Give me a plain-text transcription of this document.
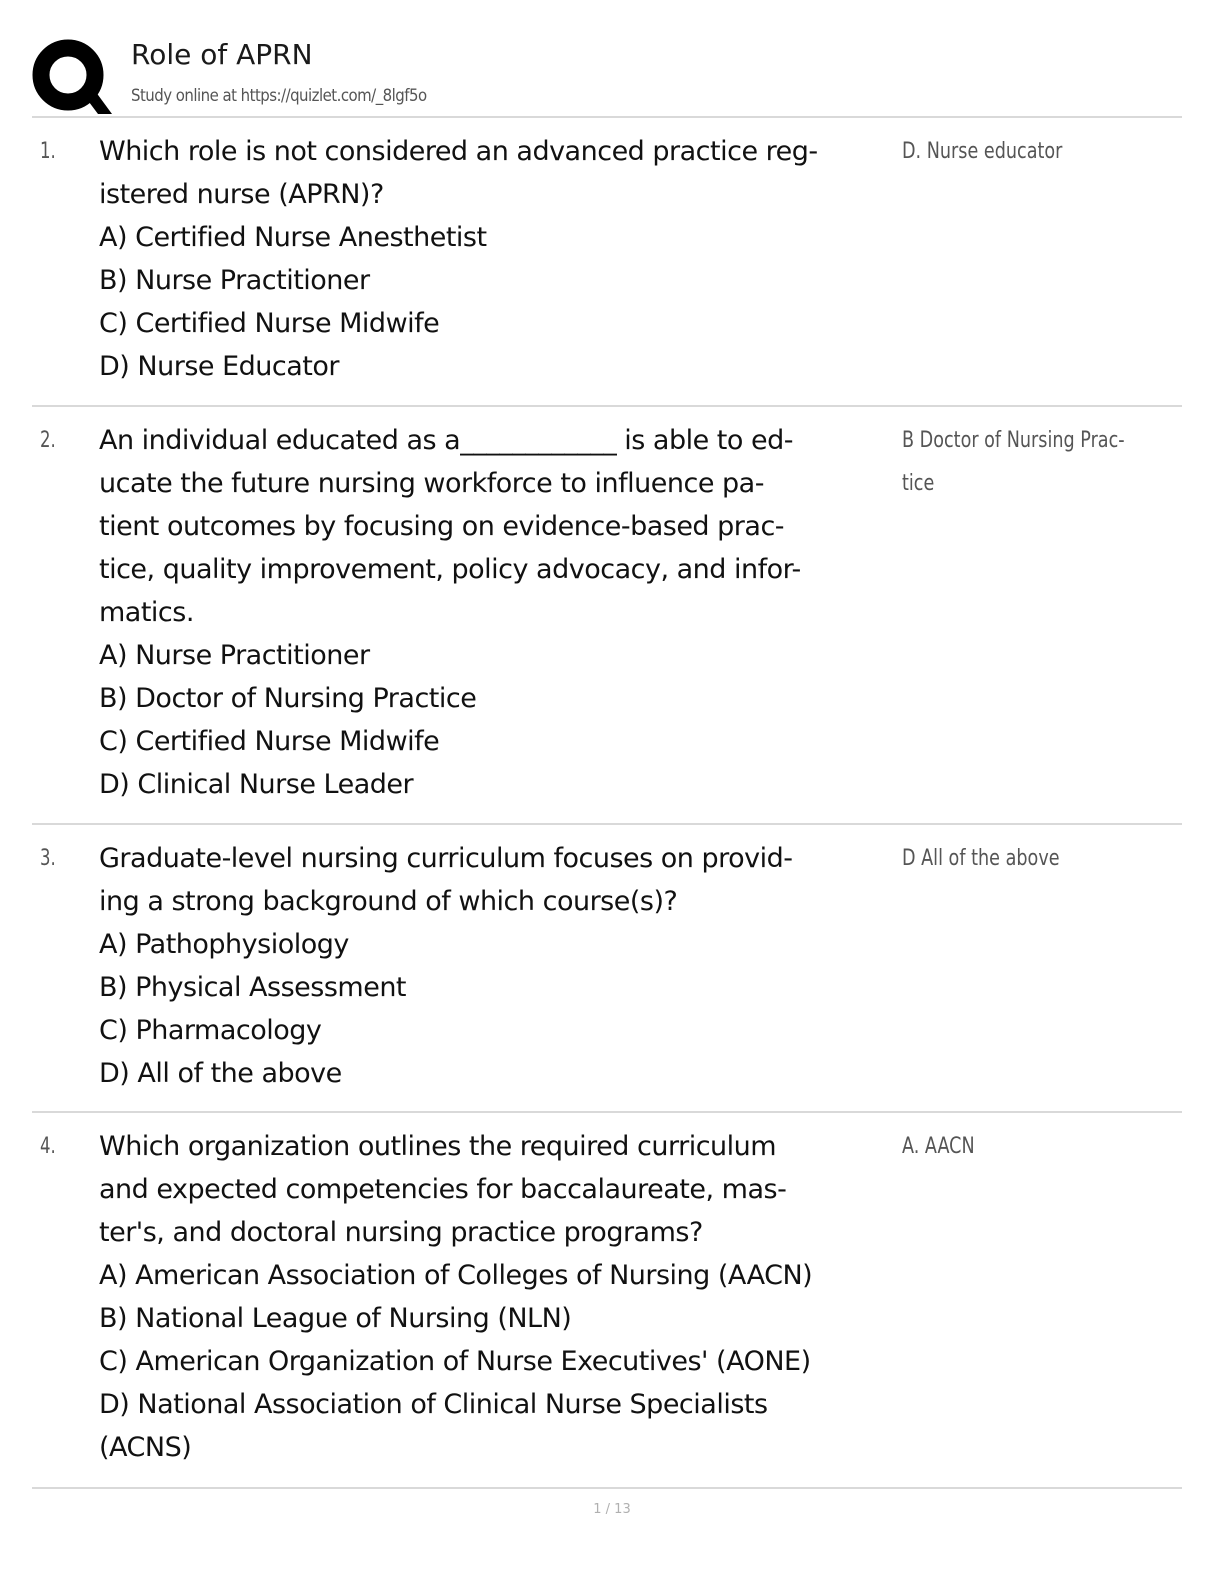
Role of APRN
Study online at https://quizlet.com/_8lgf5o
1. Which role is not considered an advanced practice reg-
istered nurse (APRN)?
A) Certified Nurse Anesthetist
B) Nurse Practitioner
C) Certified Nurse Midwife
D) Nurse Educator
D. Nurse educator
2. An individual educated as a____________ is able to ed-
ucate the future nursing workforce to influence pa-
tient outcomes by focusing on evidence-based prac-
tice, quality improvement, policy advocacy, and infor-
matics.
A) Nurse Practitioner
B) Doctor of Nursing Practice
C) Certified Nurse Midwife
D) Clinical Nurse Leader
B Doctor of Nursing Prac-
tice
3. Graduate-level nursing curriculum focuses on provid-
ing a strong background of which course(s)?
A) Pathophysiology
B) Physical Assessment
C) Pharmacology
D) All of the above
D All of the above
4. Which organization outlines the required curriculum
and expected competencies for baccalaureate, mas-
ter's, and doctoral nursing practice programs?
A) American Association of Colleges of Nursing (AACN)
B) National League of Nursing (NLN)
C) American Organization of Nurse Executives' (AONE)
D) National Association of Clinical Nurse Specialists
(ACNS)
A. AACN
1 / 13
